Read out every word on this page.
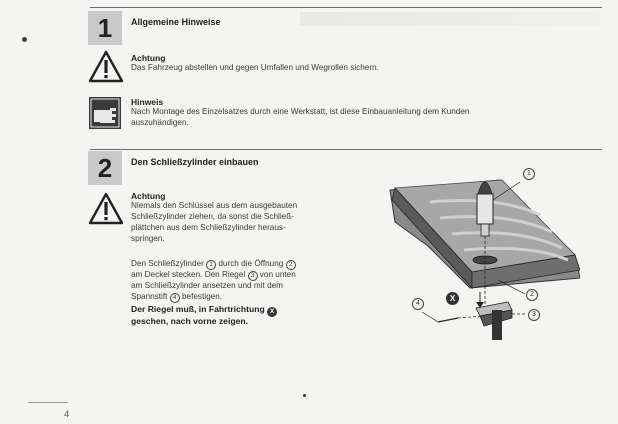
1	Allgemeine Hinweise
Achtung
Das Fahrzeug abstellen und gegen Umfallen und Wegrollen sichern.
Hinweis
Nach Montage des Einzelsatzes durch eine Werkstatt, ist diese Einbauanleitung dem Kunden
auszuhändigen.
2	Den Schließzylinder einbauen
Achtung
Niemals den Schlüssel aus dem ausgebauten
Schließzylinder ziehen, da sonst die Schließ-
plättchen aus dem Schließzylinder heraus-
springen.
Den Schließzylinder 1 durch die Öffnung 2
am Deckel stecken. Den Riegel 3 von unten
am Schließzylinder ansetzen und mit dem
Spannstift 4 befestigen.
Der Riegel muß, in Fahrtrichtung X
geschen, nach vorne zeigen.
1
2
3
4
X
4
